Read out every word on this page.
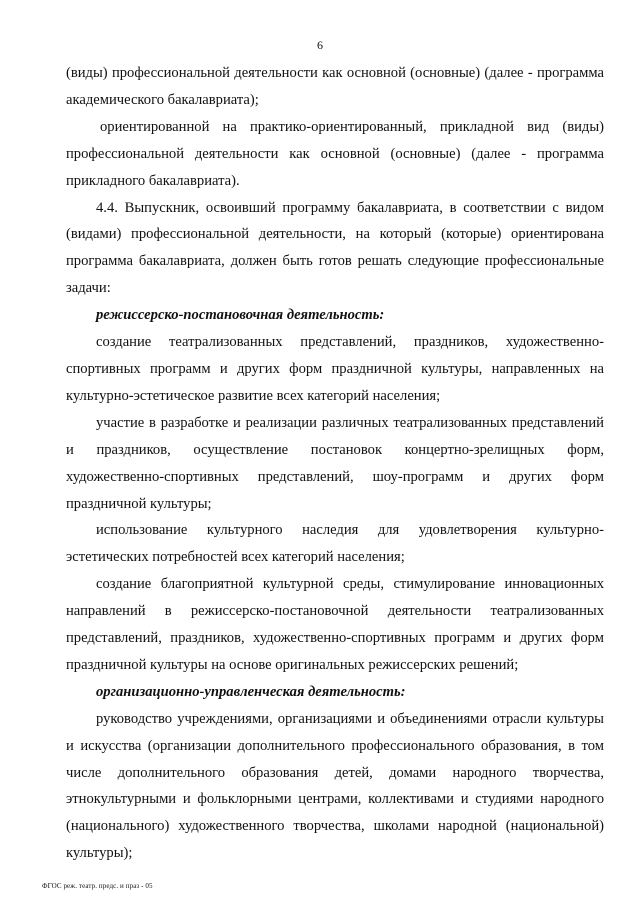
6

(виды) профессиональной деятельности как основной (основные) (далее - программа академического бакалавриата);

ориентированной на практико-ориентированный, прикладной вид (виды) профессиональной деятельности как основной (основные) (далее - программа прикладного бакалавриата).

4.4. Выпускник, освоивший программу бакалавриата, в соответствии с видом (видами) профессиональной деятельности, на который (которые) ориентирована программа бакалавриата, должен быть готов решать следующие профессиональные задачи:

режиссерско-постановочная деятельность:

создание театрализованных представлений, праздников, художественно-спортивных программ и других форм праздничной культуры, направленных на культурно-эстетическое развитие всех категорий населения;

участие в разработке и реализации различных театрализованных представлений и праздников, осуществление постановок концертно-зрелищных форм, художественно-спортивных представлений, шоу-программ и других форм праздничной культуры;

использование культурного наследия для удовлетворения культурно-эстетических потребностей всех категорий населения;

создание благоприятной культурной среды, стимулирование инновационных направлений в режиссерско-постановочной деятельности театрализованных представлений, праздников, художественно-спортивных программ и других форм праздничной культуры на основе оригинальных режиссерских решений;

организационно-управленческая деятельность:

руководство учреждениями, организациями и объединениями отрасли культуры и искусства (организации дополнительного профессионального образования, в том числе дополнительного образования детей, домами народного творчества, этнокультурными и фольклорными центрами, коллективами и студиями народного (национального) художественного творчества, школами народной (национальной) культуры);

ФГОС реж. театр. предс. и праз - 05
